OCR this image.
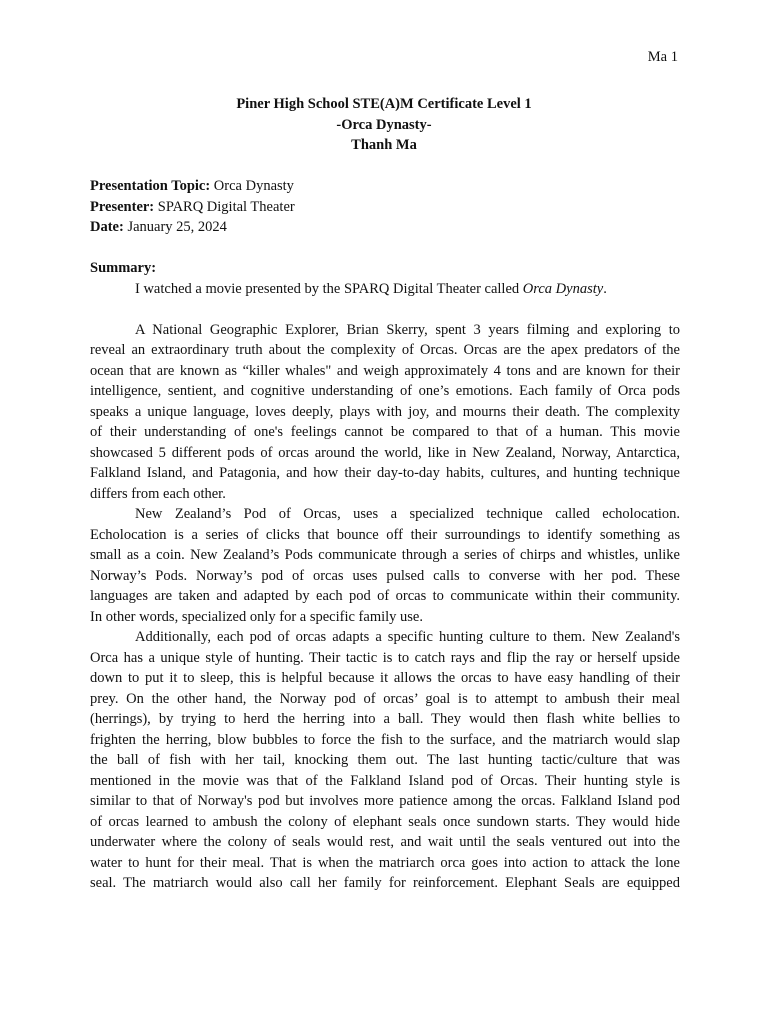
Ma 1
Piner High School STE(A)M Certificate Level 1
-Orca Dynasty-
Thanh Ma
Presentation Topic: Orca Dynasty
Presenter: SPARQ Digital Theater
Date: January 25, 2024
Summary:
I watched a movie presented by the SPARQ Digital Theater called Orca Dynasty.
A National Geographic Explorer, Brian Skerry, spent 3 years filming and exploring to
reveal an extraordinary truth about the complexity of Orcas. Orcas are the apex predators of the
ocean that are known as “killer whales" and weigh approximately 4 tons and are known for their
intelligence, sentient, and cognitive understanding of one’s emotions. Each family of Orca pods
speaks a unique language, loves deeply, plays with joy, and mourns their death. The complexity
of their understanding of one's feelings cannot be compared to that of a human. This movie
showcased 5 different pods of orcas around the world, like in New Zealand, Norway, Antarctica,
Falkland Island, and Patagonia, and how their day-to-day habits, cultures, and hunting technique
differs from each other.
New Zealand’s Pod of Orcas, uses a specialized technique called echolocation.
Echolocation is a series of clicks that bounce off their surroundings to identify something as
small as a coin. New Zealand’s Pods communicate through a series of chirps and whistles, unlike
Norway’s Pods. Norway’s pod of orcas uses pulsed calls to converse with her pod. These
languages are taken and adapted by each pod of orcas to communicate within their community.
In other words, specialized only for a specific family use.
Additionally, each pod of orcas adapts a specific hunting culture to them. New Zealand's
Orca has a unique style of hunting. Their tactic is to catch rays and flip the ray or herself upside
down to put it to sleep, this is helpful because it allows the orcas to have easy handling of their
prey. On the other hand, the Norway pod of orcas’ goal is to attempt to ambush their meal
(herrings), by trying to herd the herring into a ball. They would then flash white bellies to
frighten the herring, blow bubbles to force the fish to the surface, and the matriarch would slap
the ball of fish with her tail, knocking them out. The last hunting tactic/culture that was
mentioned in the movie was that of the Falkland Island pod of Orcas. Their hunting style is
similar to that of Norway's pod but involves more patience among the orcas. Falkland Island pod
of orcas learned to ambush the colony of elephant seals once sundown starts. They would hide
underwater where the colony of seals would rest, and wait until the seals ventured out into the
water to hunt for their meal. That is when the matriarch orca goes into action to attack the lone
seal. The matriarch would also call her family for reinforcement. Elephant Seals are equipped
